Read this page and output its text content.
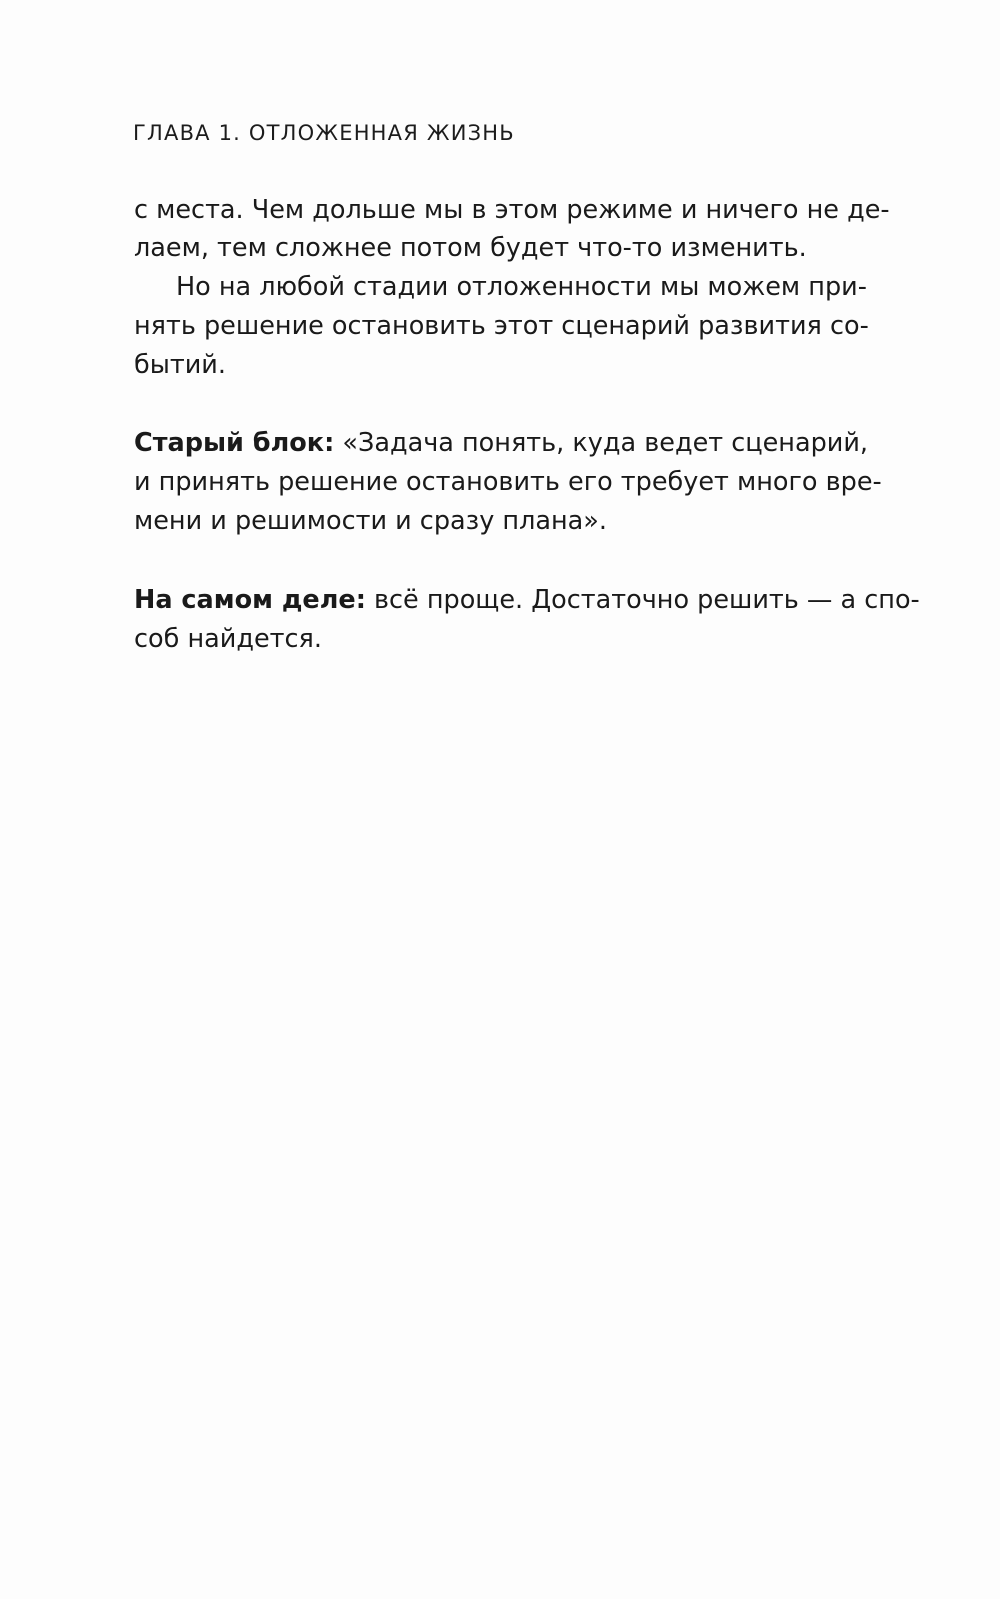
ГЛАВА 1. ОТЛОЖЕННАЯ ЖИЗНЬ
с места. Чем дольше мы в этом режиме и ничего не де-
лаем, тем сложнее потом будет что-то изменить.
Но на любой стадии отложенности мы можем при-
нять решение остановить этот сценарий развития со-
бытий.
Старый блок: «Задача понять, куда ведет сценарий,
и принять решение остановить его требует много вре-
мени и решимости и сразу плана».
На самом деле: всё проще. Достаточно решить — а спо-
соб найдется.
